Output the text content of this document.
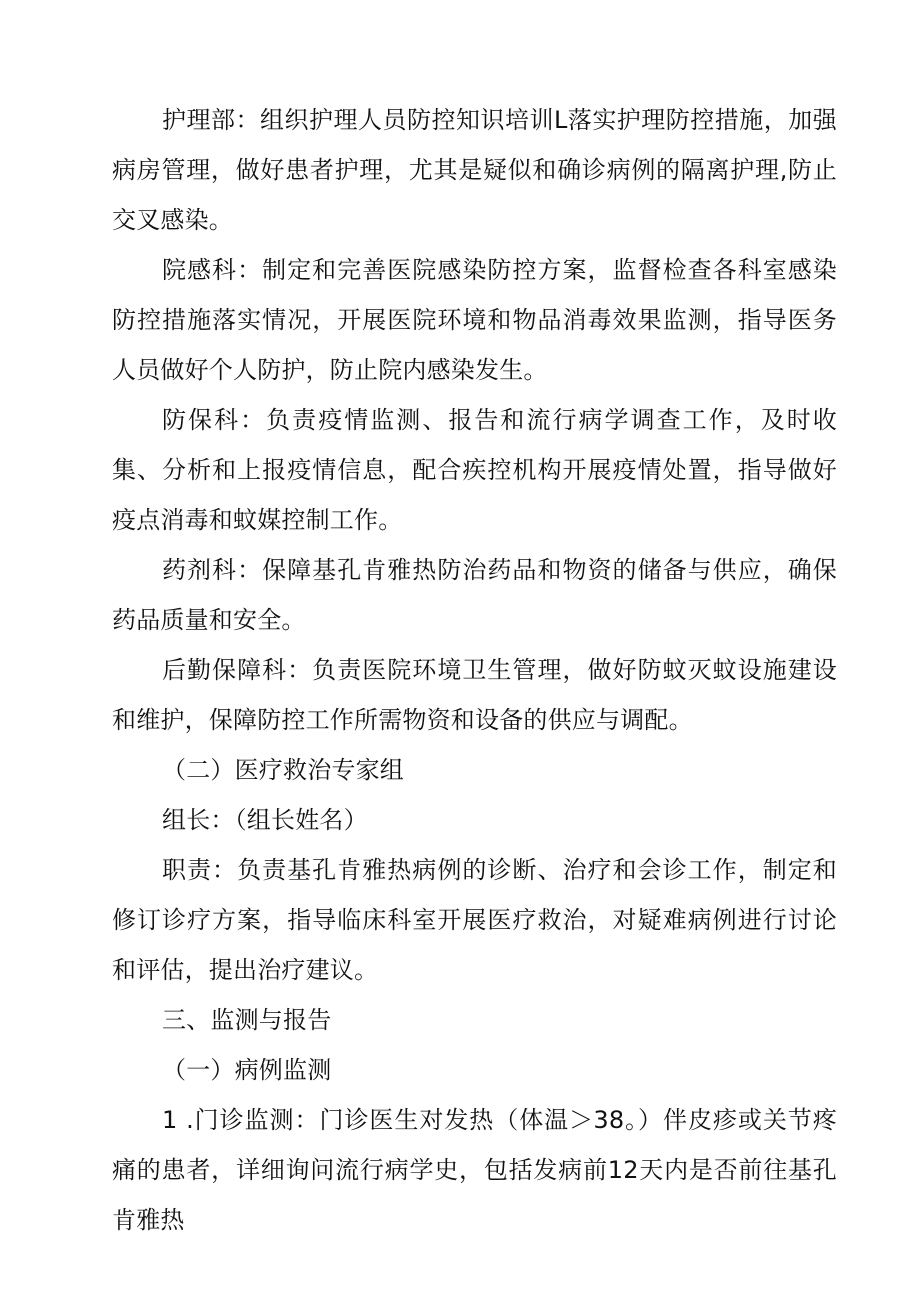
护理部：组织护理人员防控知识培训L落实护理防控措施，加强病房管理，做好患者护理，尤其是疑似和确诊病例的隔离护理,防止交叉感染。

院感科：制定和完善医院感染防控方案，监督检查各科室感染防控措施落实情况，开展医院环境和物品消毒效果监测，指导医务人员做好个人防护，防止院内感染发生。

防保科：负责疫情监测、报告和流行病学调查工作，及时收集、分析和上报疫情信息，配合疾控机构开展疫情处置，指导做好疫点消毒和蚊媒控制工作。

药剂科：保障基孔肯雅热防治药品和物资的储备与供应，确保药品质量和安全。

后勤保障科：负责医院环境卫生管理，做好防蚊灭蚊设施建设和维护，保障防控工作所需物资和设备的供应与调配。

（二）医疗救治专家组

组长：（组长姓名）

职责：负责基孔肯雅热病例的诊断、治疗和会诊工作，制定和修订诊疗方案，指导临床科室开展医疗救治，对疑难病例进行讨论和评估，提出治疗建议。

三、监测与报告

（一）病例监测

1 .门诊监测：门诊医生对发热（体温＞38。）伴皮疹或关节疼痛的患者，详细询问流行病学史，包括发病前12天内是否前往基孔肯雅热
